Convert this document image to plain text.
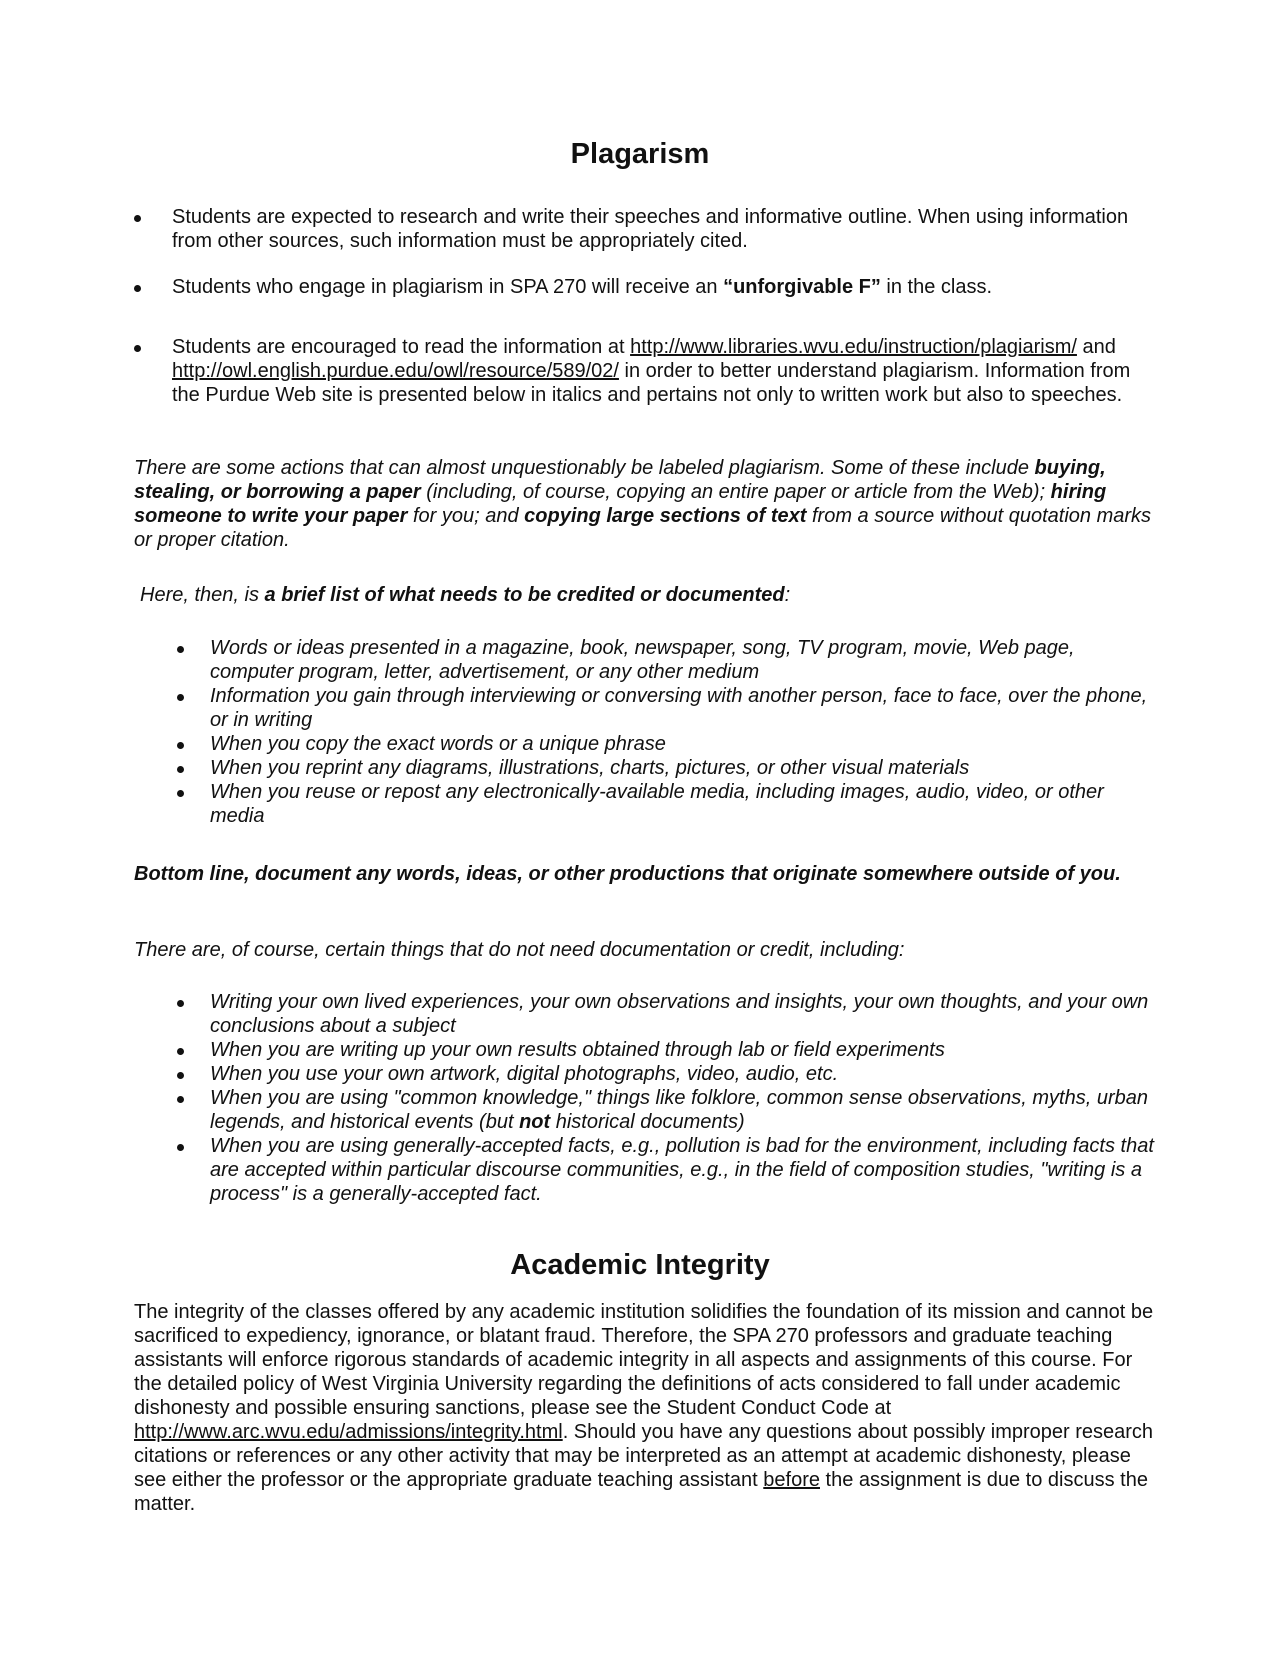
Plagarism
Students are expected to research and write their speeches and informative outline. When using information from other sources, such information must be appropriately cited.
Students who engage in plagiarism in SPA 270 will receive an “unforgivable F” in the class.
Students are encouraged to read the information at http://www.libraries.wvu.edu/instruction/plagiarism/ and http://owl.english.purdue.edu/owl/resource/589/02/ in order to better understand plagiarism. Information from the Purdue Web site is presented below in italics and pertains not only to written work but also to speeches.
There are some actions that can almost unquestionably be labeled plagiarism. Some of these include buying, stealing, or borrowing a paper (including, of course, copying an entire paper or article from the Web); hiring someone to write your paper for you; and copying large sections of text from a source without quotation marks or proper citation.
Here, then, is a brief list of what needs to be credited or documented:
Words or ideas presented in a magazine, book, newspaper, song, TV program, movie, Web page, computer program, letter, advertisement, or any other medium
Information you gain through interviewing or conversing with another person, face to face, over the phone, or in writing
When you copy the exact words or a unique phrase
When you reprint any diagrams, illustrations, charts, pictures, or other visual materials
When you reuse or repost any electronically-available media, including images, audio, video, or other media
Bottom line, document any words, ideas, or other productions that originate somewhere outside of you.
There are, of course, certain things that do not need documentation or credit, including:
Writing your own lived experiences, your own observations and insights, your own thoughts, and your own conclusions about a subject
When you are writing up your own results obtained through lab or field experiments
When you use your own artwork, digital photographs, video, audio, etc.
When you are using "common knowledge," things like folklore, common sense observations, myths, urban legends, and historical events (but not historical documents)
When you are using generally-accepted facts, e.g., pollution is bad for the environment, including facts that are accepted within particular discourse communities, e.g., in the field of composition studies, "writing is a process" is a generally-accepted fact.
Academic Integrity
The integrity of the classes offered by any academic institution solidifies the foundation of its mission and cannot be sacrificed to expediency, ignorance, or blatant fraud. Therefore, the SPA 270 professors and graduate teaching assistants will enforce rigorous standards of academic integrity in all aspects and assignments of this course. For the detailed policy of West Virginia University regarding the definitions of acts considered to fall under academic dishonesty and possible ensuring sanctions, please see the Student Conduct Code at http://www.arc.wvu.edu/admissions/integrity.html. Should you have any questions about possibly improper research citations or references or any other activity that may be interpreted as an attempt at academic dishonesty, please see either the professor or the appropriate graduate teaching assistant before the assignment is due to discuss the matter.
